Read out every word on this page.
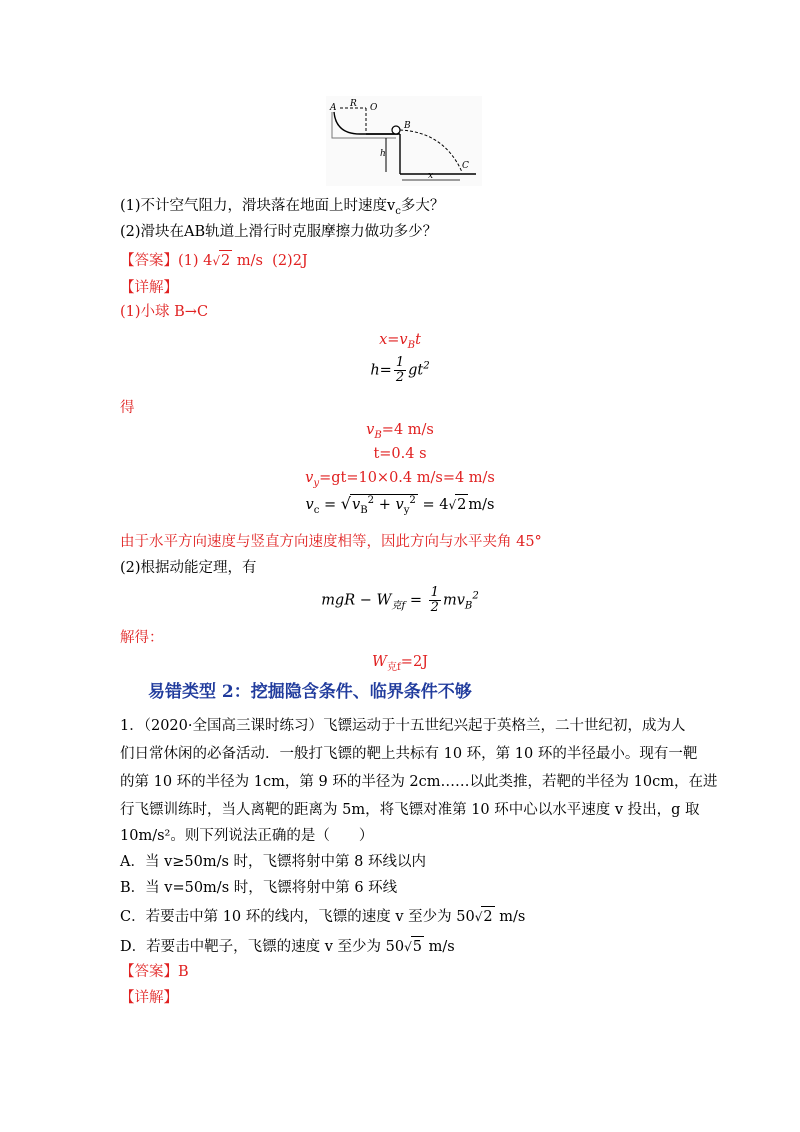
A R O
B
h
C
x
(1)不计空气阻力，滑块落在地面上时速度$v_c$多大？
(2)滑块在AB轨道上滑行时克服摩擦力做功多少？
【答案】(1) 4√2 m/s (2)2J
【详解】
(1)小球 B→C
$x=v_Bt$
$h= \frac{1}{2} gt^2$
得
$v_B=4$ m/s
t=0.4 s
$v_y=gt=10\times 0.4$ m/s=4 m/s
$v_c = √v_B^2 + v_y^2 = 4√2$ m/s
由于水平方向速度与竖直方向速度相等，因此方向与水平夹角 45°
(2)根据动能定理，有
mgR − $W_{克f} = \frac{1}{2} mv_B^2$
解得：
$W_{克f}=2J$
易错类型 2：挖掘隐含条件、临界条件不够
1．（2020·全国高三课时练习）飞镖运动于十五世纪兴起于英格兰，二十世纪初，成为人
们日常休闲的必备活动．一般打飞镖的靶上共标有 10 环，第 10 环的半径最小。现有一靶
的第 10 环的半径为 1cm，第 9 环的半径为 2cm……以此类推，若靶的半径为 10cm，在进
行飞镖训练时，当人离靶的距离为 5m，将飞镖对准第 10 环中心以水平速度 v 投出，g 取
10m/s²。则下列说法正确的是（　　）
A．当 v≥50m/s 时，飞镖将射中第 8 环线以内
B．当 v=50m/s 时，飞镖将射中第 6 环线
C．若要击中第 10 环的线内，飞镖的速度 v 至少为 50√2 m/s
D．若要击中靶子，飞镖的速度 v 至少为 50√5 m/s
【答案】B
【详解】
